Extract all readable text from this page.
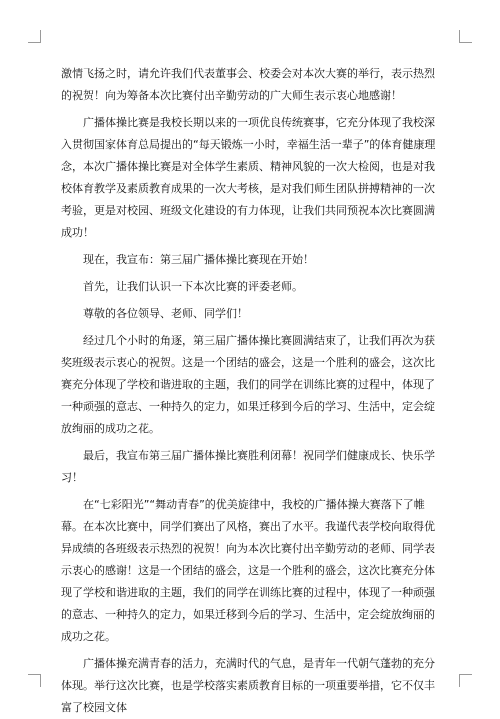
激情飞扬之时，请允许我们代表董事会、校委会对本次大赛的举行，表示热烈的祝贺！向为筹备本次比赛付出辛勤劳动的广大师生表示衷心地感谢！

广播体操比赛是我校长期以来的一项优良传统赛事，它充分体现了我校深入贯彻国家体育总局提出的“每天锻炼一小时，幸福生活一辈子”的体育健康理念，本次广播体操比赛是对全体学生素质、精神风貌的一次大检阅，也是对我校体育教学及素质教育成果的一次大考核，是对我们师生团队拼搏精神的一次考验，更是对校园、班级文化建设的有力体现，让我们共同预祝本次比赛圆满成功！

现在，我宣布：第三届广播体操比赛现在开始！

首先，让我们认识一下本次比赛的评委老师。

尊敬的各位领导、老师、同学们！

经过几个小时的角逐，第三届广播体操比赛圆满结束了，让我们再次为获奖班级表示衷心的祝贺。这是一个团结的盛会，这是一个胜利的盛会，这次比赛充分体现了学校和谐进取的主题，我们的同学在训练比赛的过程中，体现了一种顽强的意志、一种持久的定力，如果迁移到今后的学习、生活中，定会绽放绚丽的成功之花。

最后，我宣布第三届广播体操比赛胜利闭幕！祝同学们健康成长、快乐学习！

在“七彩阳光”“舞动青春”的优美旋律中，我校的广播体操大赛落下了帷幕。在本次比赛中，同学们赛出了风格，赛出了水平。我谨代表学校向取得优异成绩的各班级表示热烈的祝贺！向为本次比赛付出辛勤劳动的老师、同学表示衷心的感谢！这是一个团结的盛会，这是一个胜利的盛会，这次比赛充分体现了学校和谐进取的主题，我们的同学在训练比赛的过程中，体现了一种顽强的意志、一种持久的定力，如果迁移到今后的学习、生活中，定会绽放绚丽的成功之花。

广播体操充满青春的活力，充满时代的气息，是青年一代朝气蓬勃的充分体现。举行这次比赛，也是学校落实素质教育目标的一项重要举措，它不仅丰富了校园文体
